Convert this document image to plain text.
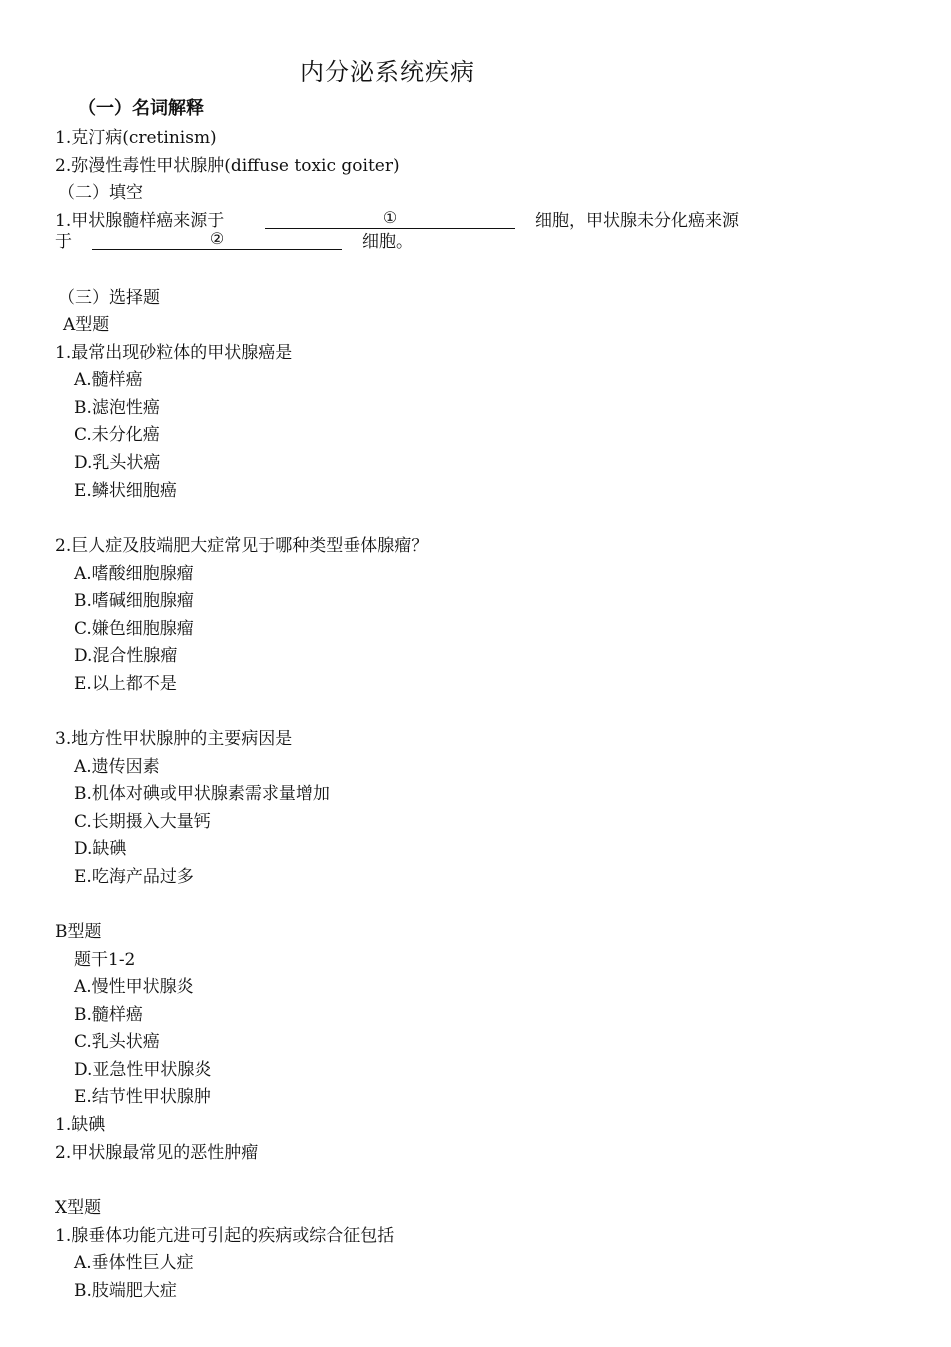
内分泌系统疾病
（一）名词解释
1.克汀病(cretinism)
2.弥漫性毒性甲状腺肿(diffuse toxic goiter)
（二）填空
1.甲状腺髓样癌来源于	①	细胞，甲状腺未分化癌来源
于	②	细胞。
（三）选择题
A型题
1.最常出现砂粒体的甲状腺癌是
A.髓样癌
B.滤泡性癌
C.未分化癌
D.乳头状癌
E.鳞状细胞癌
2.巨人症及肢端肥大症常见于哪种类型垂体腺瘤？
A.嗜酸细胞腺瘤
B.嗜碱细胞腺瘤
C.嫌色细胞腺瘤
D.混合性腺瘤
E.以上都不是
3.地方性甲状腺肿的主要病因是
A.遗传因素
B.机体对碘或甲状腺素需求量增加
C.长期摄入大量钙
D.缺碘
E.吃海产品过多
B型题
题干1-2
A.慢性甲状腺炎
B.髓样癌
C.乳头状癌
D.亚急性甲状腺炎
E.结节性甲状腺肿
1.缺碘
2.甲状腺最常见的恶性肿瘤
X型题
1.腺垂体功能亢进可引起的疾病或综合征包括
A.垂体性巨人症
B.肢端肥大症
